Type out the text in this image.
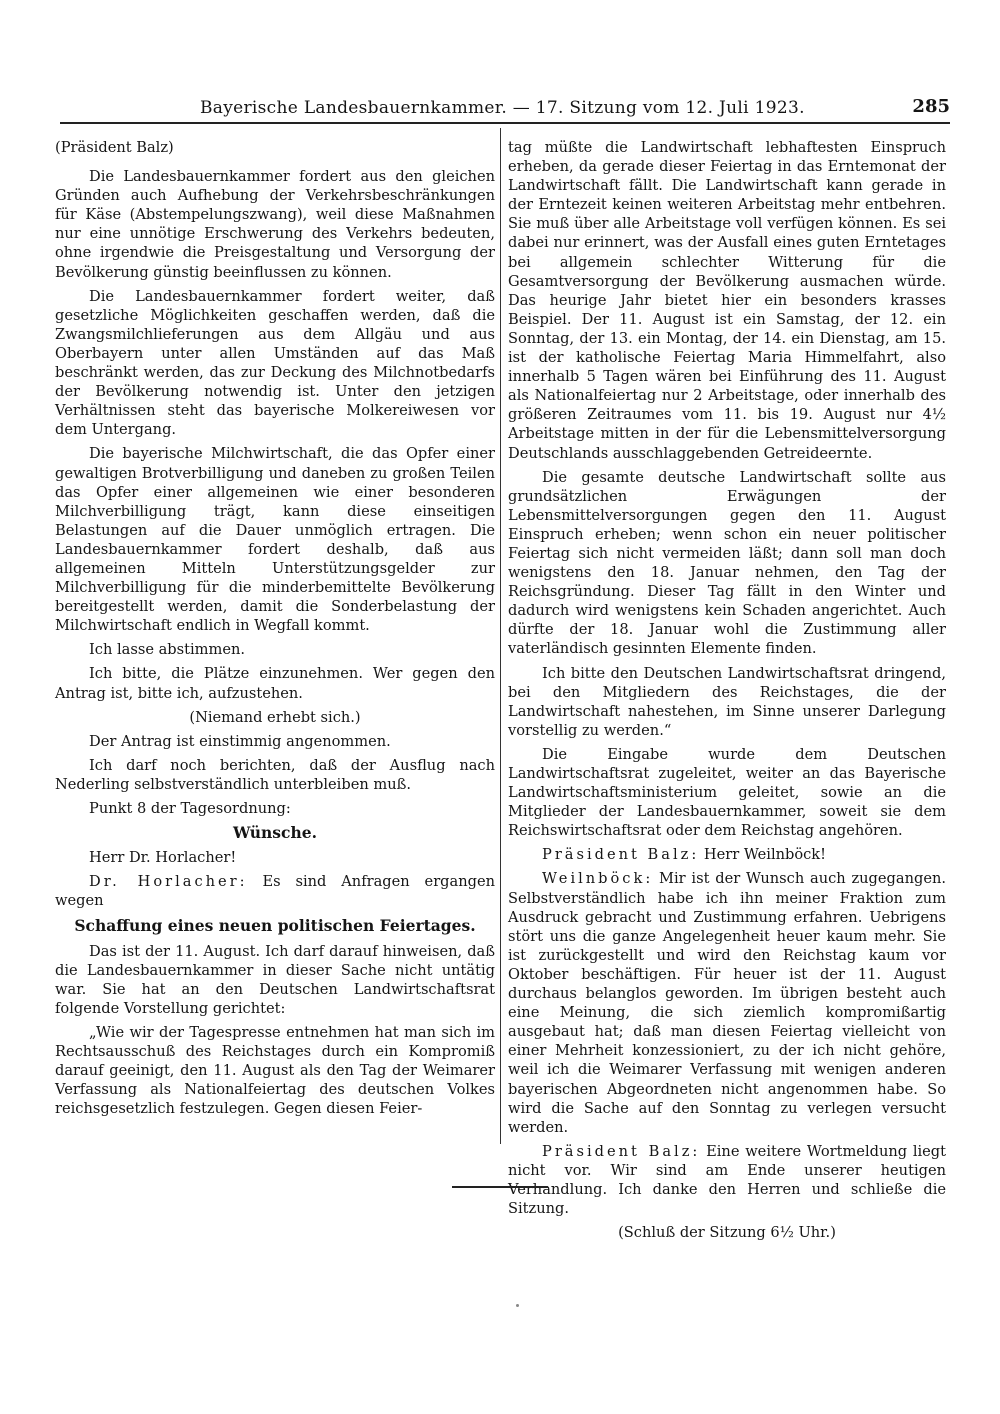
Bayerische Landesbauernkammer. — 17. Sitzung vom 12. Juli 1923.	285

(Präsident Balz)

Die Landesbauernkammer fordert aus den gleichen Gründen auch Aufhebung der Verkehrsbeschränkungen für Käse (Abstempelungszwang), weil diese Maßnahmen nur eine unnötige Erschwerung des Verkehrs bedeuten, ohne irgendwie die Preisgestaltung und Versorgung der Bevölkerung günstig beeinflussen zu können.

Die Landesbauernkammer fordert weiter, daß gesetzliche Möglichkeiten geschaffen werden, daß die Zwangsmilchlieferungen aus dem Allgäu und aus Oberbayern unter allen Umständen auf das Maß beschränkt werden, das zur Deckung des Milchnotbedarfs der Bevölkerung notwendig ist. Unter den jetzigen Verhältnissen steht das bayerische Molkereiwesen vor dem Untergang.

Die bayerische Milchwirtschaft, die das Opfer einer gewaltigen Brotverbilligung und daneben zu großen Teilen das Opfer einer allgemeinen wie einer besonderen Milchverbilligung trägt, kann diese einseitigen Belastungen auf die Dauer unmöglich ertragen. Die Landesbauernkammer fordert deshalb, daß aus allgemeinen Mitteln Unterstützungsgelder zur Milchverbilligung für die minderbemittelte Bevölkerung bereitgestellt werden, damit die Sonderbelastung der Milchwirtschaft endlich in Wegfall kommt.

Ich lasse abstimmen.

Ich bitte, die Plätze einzunehmen. Wer gegen den Antrag ist, bitte ich, aufzustehen.

(Niemand erhebt sich.)

Der Antrag ist einstimmig angenommen.

Ich darf noch berichten, daß der Ausflug nach Nederling selbstverständlich unterbleiben muß.

Punkt 8 der Tagesordnung:

Wünsche.

Herr Dr. Horlacher!

Dr. Horlacher: Es sind Anfragen ergangen wegen

Schaffung eines neuen politischen Feiertages.

Das ist der 11. August. Ich darf darauf hinweisen, daß die Landesbauernkammer in dieser Sache nicht untätig war. Sie hat an den Deutschen Landwirtschaftsrat folgende Vorstellung gerichtet:

„Wie wir der Tagespresse entnehmen hat man sich im Rechtsausschuß des Reichstages durch ein Kompromiß darauf geeinigt, den 11. August als den Tag der Weimarer Verfassung als Nationalfeiertag des deutschen Volkes reichsgesetzlich festzulegen. Gegen diesen Feier-

tag müßte die Landwirtschaft lebhaftesten Einspruch erheben, da gerade dieser Feiertag in das Erntemonat der Landwirtschaft fällt. Die Landwirtschaft kann gerade in der Erntezeit keinen weiteren Arbeitstag mehr entbehren. Sie muß über alle Arbeitstage voll verfügen können. Es sei dabei nur erinnert, was der Ausfall eines guten Erntetages bei allgemein schlechter Witterung für die Gesamtversorgung der Bevölkerung ausmachen würde. Das heurige Jahr bietet hier ein besonders krasses Beispiel. Der 11. August ist ein Samstag, der 12. ein Sonntag, der 13. ein Montag, der 14. ein Dienstag, am 15. ist der katholische Feiertag Maria Himmelfahrt, also innerhalb 5 Tagen wären bei Einführung des 11. August als Nationalfeiertag nur 2 Arbeitstage, oder innerhalb des größeren Zeitraumes vom 11. bis 19. August nur 4½ Arbeitstage mitten in der für die Lebensmittelversorgung Deutschlands ausschlaggebenden Getreideernte.

Die gesamte deutsche Landwirtschaft sollte aus grundsätzlichen Erwägungen der Lebensmittelversorgungen gegen den 11. August Einspruch erheben; wenn schon ein neuer politischer Feiertag sich nicht vermeiden läßt; dann soll man doch wenigstens den 18. Januar nehmen, den Tag der Reichsgründung. Dieser Tag fällt in den Winter und dadurch wird wenigstens kein Schaden angerichtet. Auch dürfte der 18. Januar wohl die Zustimmung aller vaterländisch gesinnten Elemente finden.

Ich bitte den Deutschen Landwirtschaftsrat dringend, bei den Mitgliedern des Reichstages, die der Landwirtschaft nahestehen, im Sinne unserer Darlegung vorstellig zu werden.“

Die Eingabe wurde dem Deutschen Landwirtschaftsrat zugeleitet, weiter an das Bayerische Landwirtschaftsministerium geleitet, sowie an die Mitglieder der Landesbauernkammer, soweit sie dem Reichswirtschaftsrat oder dem Reichstag angehören.

Präsident Balz: Herr Weilnböck!

Weilnböck: Mir ist der Wunsch auch zugegangen. Selbstverständlich habe ich ihn meiner Fraktion zum Ausdruck gebracht und Zustimmung erfahren. Uebrigens stört uns die ganze Angelegenheit heuer kaum mehr. Sie ist zurückgestellt und wird den Reichstag kaum vor Oktober beschäftigen. Für heuer ist der 11. August durchaus belanglos geworden. Im übrigen besteht auch eine Meinung, die sich ziemlich kompromißartig ausgebaut hat; daß man diesen Feiertag vielleicht von einer Mehrheit konzessioniert, zu der ich nicht gehöre, weil ich die Weimarer Verfassung mit wenigen anderen bayerischen Abgeordneten nicht angenommen habe. So wird die Sache auf den Sonntag zu verlegen versucht werden.

Präsident Balz: Eine weitere Wortmeldung liegt nicht vor. Wir sind am Ende unserer heutigen Verhandlung. Ich danke den Herren und schließe die Sitzung.

(Schluß der Sitzung 6½ Uhr.)
